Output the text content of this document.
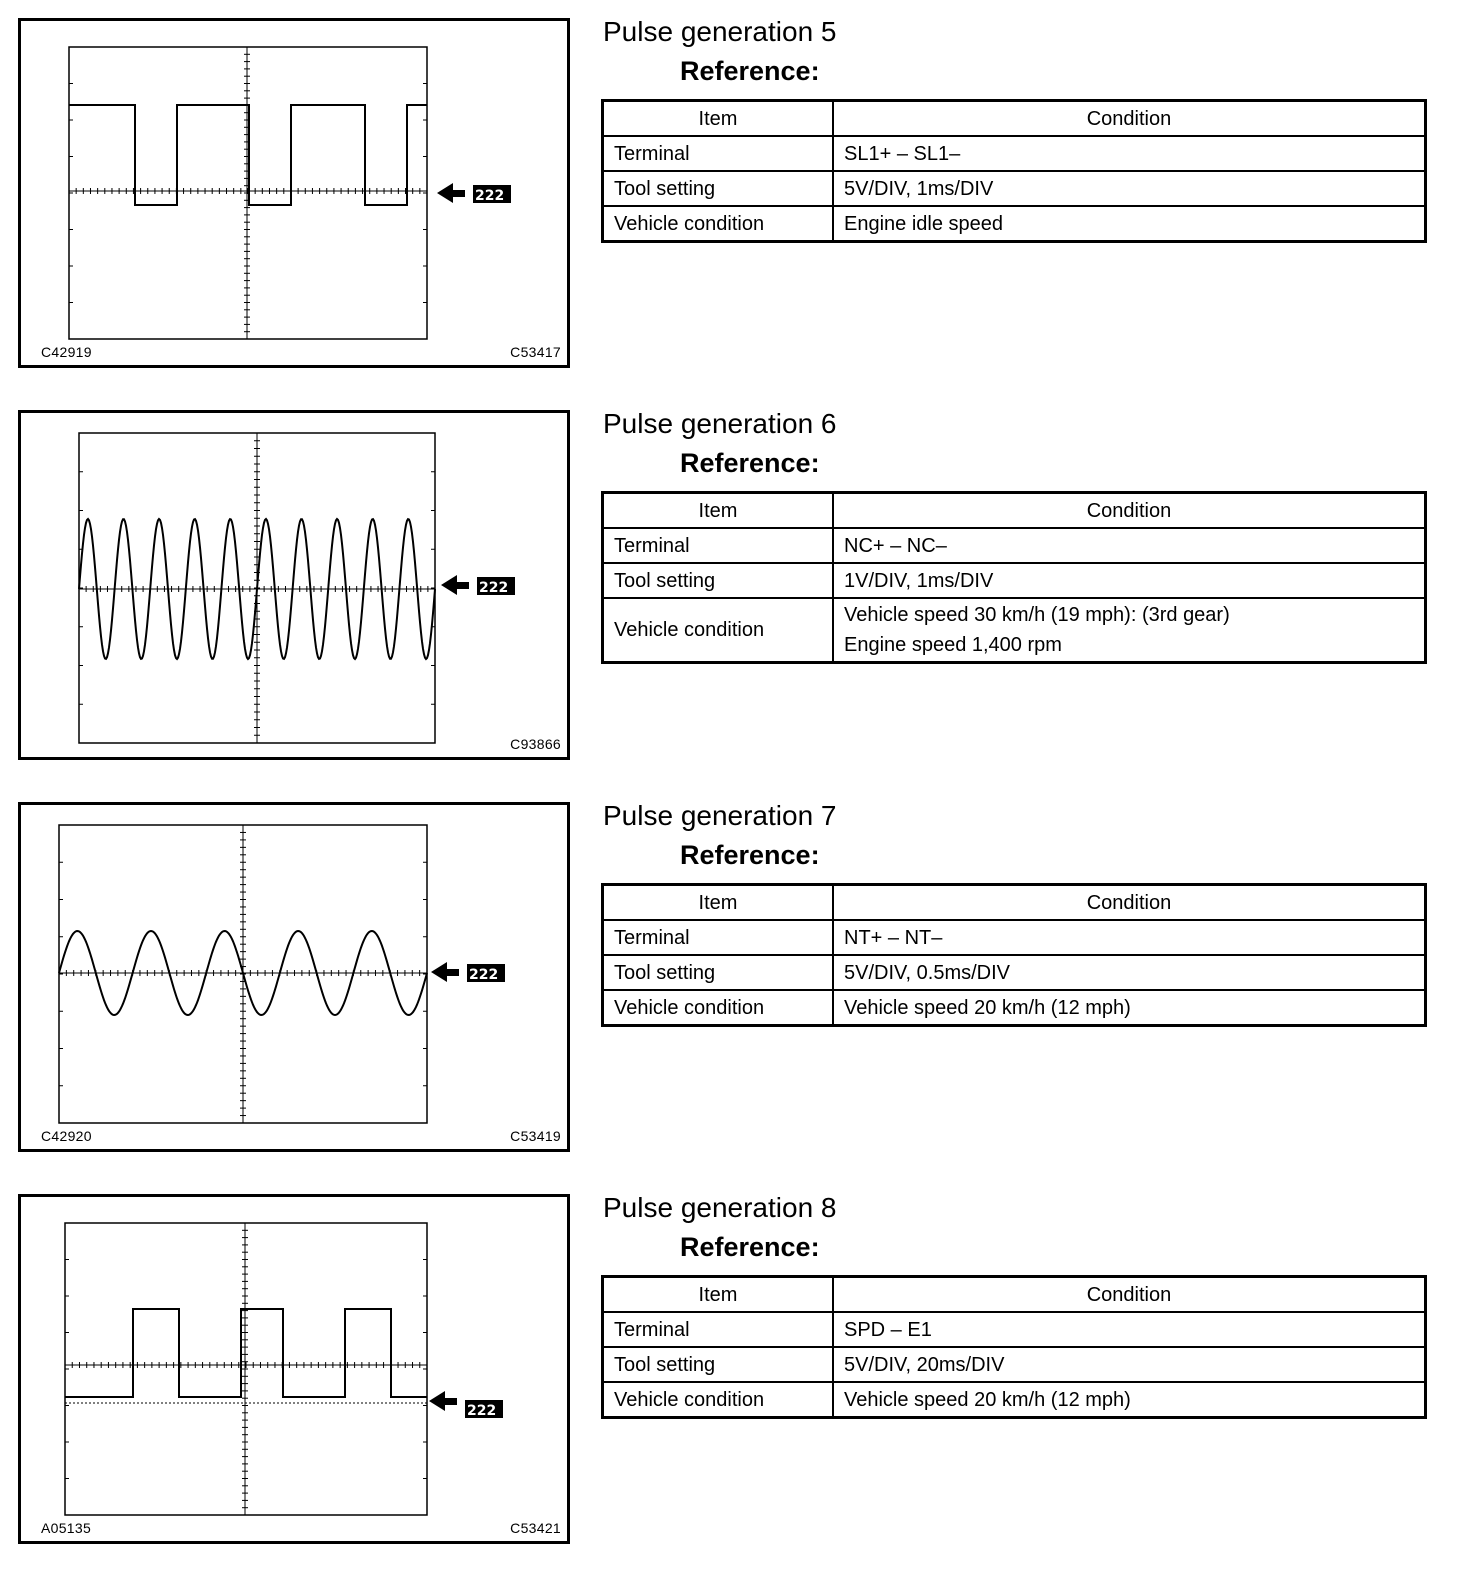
222
C42919	C53417
Pulse generation 5
Reference:
Item	Condition
Terminal	SL1+ – SL1–
Tool setting	5V/DIV, 1ms/DIV
Vehicle condition	Engine idle speed
222
C93866
Pulse generation 6
Reference:
Item	Condition
Terminal	NC+ – NC–
Tool setting	1V/DIV, 1ms/DIV
Vehicle condition	Vehicle speed 30 km/h (19 mph): (3rd gear)
Engine speed 1,400 rpm
222
C42920	C53419
Pulse generation 7
Reference:
Item	Condition
Terminal	NT+ – NT–
Tool setting	5V/DIV, 0.5ms/DIV
Vehicle condition	Vehicle speed 20 km/h (12 mph)
222
A05135	C53421
Pulse generation 8
Reference:
Item	Condition
Terminal	SPD – E1
Tool setting	5V/DIV, 20ms/DIV
Vehicle condition	Vehicle speed 20 km/h (12 mph)
